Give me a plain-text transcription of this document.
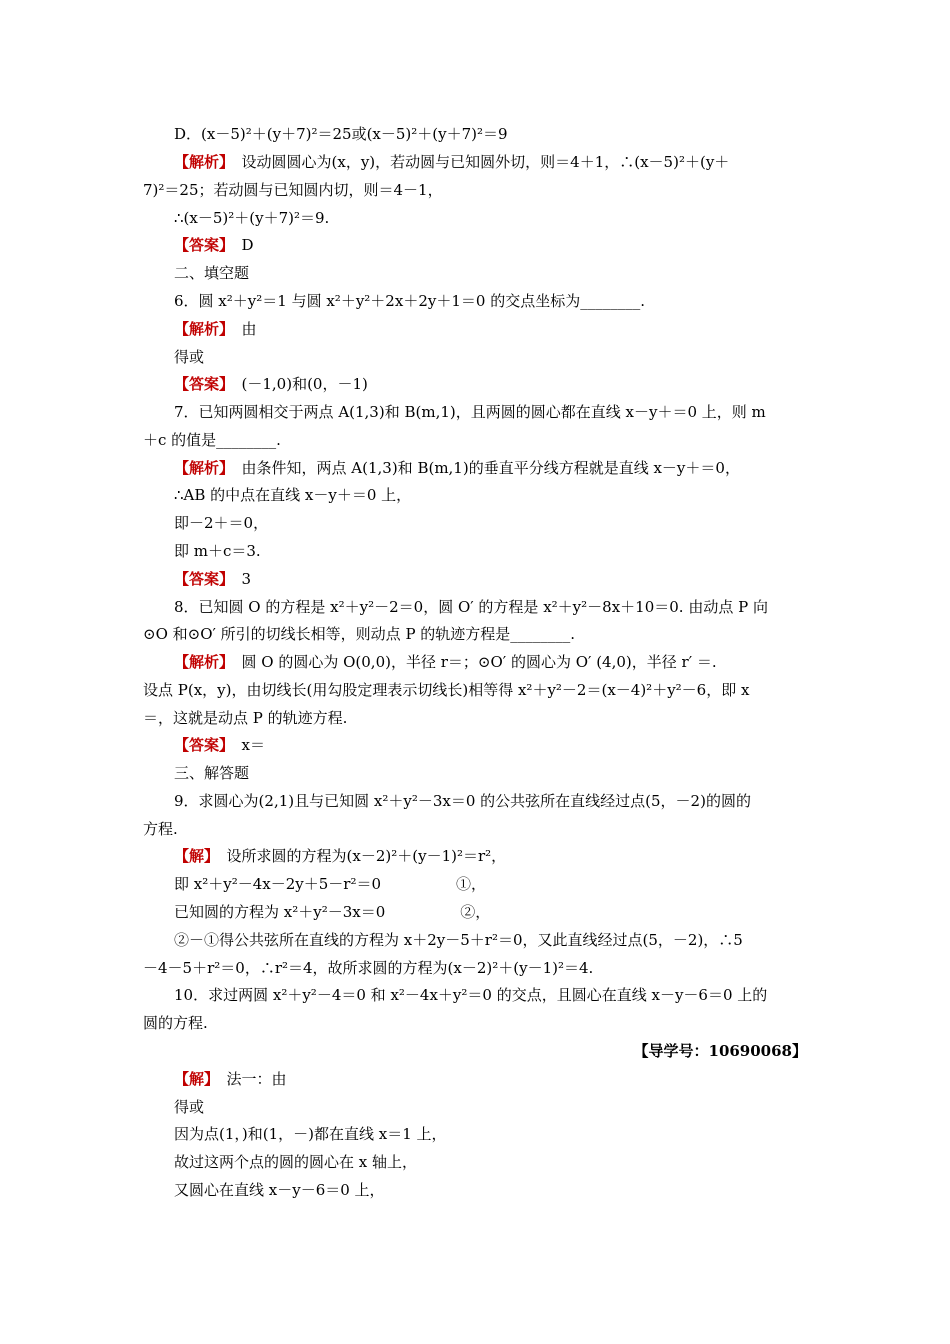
D．(x－5)²＋(y＋7)²＝25或(x－5)²＋(y＋7)²＝9
【解析】　设动圆圆心为(x，y)，若动圆与已知圆外切，则＝4＋1，∴(x－5)²＋(y＋
7)²＝25；若动圆与已知圆内切，则＝4－1，
∴(x－5)²＋(y＋7)²＝9.
【答案】　D
二、填空题
6．圆 x²＋y²＝1 与圆 x²＋y²＋2x＋2y＋1＝0 的交点坐标为________.
【解析】　由
得或
【答案】　(－1,0)和(0，－1)
7．已知两圆相交于两点 A(1,3)和 B(m,1)，且两圆的圆心都在直线 x－y＋＝0 上，则 m
＋c 的值是________.
【解析】　由条件知，两点 A(1,3)和 B(m,1)的垂直平分线方程就是直线 x－y＋＝0，
∴AB 的中点在直线 x－y＋＝0 上，
即－2＋＝0，
即 m＋c＝3.
【答案】　3
8．已知圆 O 的方程是 x²＋y²－2＝0，圆 O′ 的方程是 x²＋y²－8x＋10＝0. 由动点 P 向
⊙O 和⊙O′ 所引的切线长相等，则动点 P 的轨迹方程是________.
【解析】　圆 O 的圆心为 O(0,0)，半径 r＝；⊙O′ 的圆心为 O′ (4,0)，半径 r′ ＝.
设点 P(x，y)，由切线长(用勾股定理表示切线长)相等得 x²＋y²－2＝(x－4)²＋y²－6，即 x
＝，这就是动点 P 的轨迹方程.
【答案】　x＝
三、解答题
9．求圆心为(2,1)且与已知圆 x²＋y²－3x＝0 的公共弦所在直线经过点(5，－2)的圆的
方程.
【解】　设所求圆的方程为(x－2)²＋(y－1)²＝r²，
即 x²＋y²－4x－2y＋5－r²＝0　　　　　①，
已知圆的方程为 x²＋y²－3x＝0　　　　　②，
②－①得公共弦所在直线的方程为 x＋2y－5＋r²＝0，又此直线经过点(5，－2)，∴5
－4－5＋r²＝0，∴r²＝4，故所求圆的方程为(x－2)²＋(y－1)²＝4.
10．求过两圆 x²＋y²－4＝0 和 x²－4x＋y²＝0 的交点，且圆心在直线 x－y－6＝0 上的
圆的方程.
【解】　法一：由
得或
因为点(1，)和(1，－)都在直线 x＝1 上，
故过这两个点的圆的圆心在 x 轴上，
又圆心在直线 x－y－6＝0 上，
【导学号：10690068】
